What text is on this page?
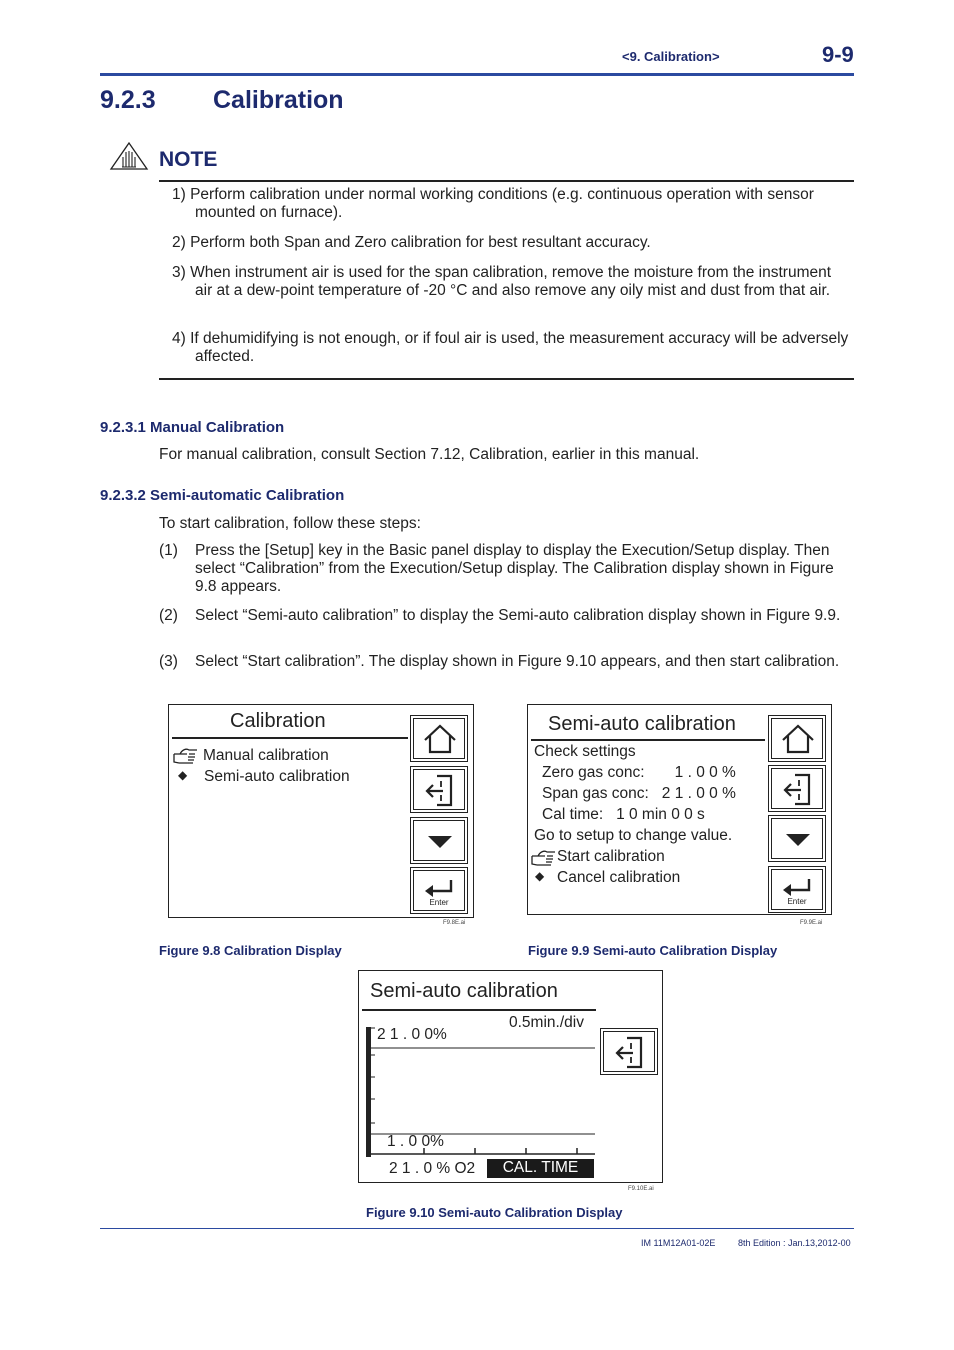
<9. Calibration>	9-9
9.2.3 Calibration
NOTE
1) Perform calibration under normal working conditions (e.g. continuous operation with sensor mounted on furnace).
2) Perform both Span and Zero calibration for best resultant accuracy.
3) When instrument air is used for the span calibration, remove the moisture from the instrument air at a dew-point temperature of -20 °C and also remove any oily mist and dust from that air.
4) If dehumidifying is not enough, or if foul air is used, the measurement accuracy will be adversely affected.
9.2.3.1 Manual Calibration
For manual calibration, consult Section 7.12, Calibration, earlier in this manual.
9.2.3.2 Semi-automatic Calibration
To start calibration, follow these steps:
(1) Press the [Setup] key in the Basic panel display to display the Execution/Setup display. Then select “Calibration” from the Execution/Setup display. The Calibration display shown in Figure 9.8 appears.
(2) Select “Semi-auto calibration” to display the Semi-auto calibration display shown in Figure 9.9.
(3) Select “Start calibration”. The display shown in Figure 9.10 appears, and then start calibration.
Calibration
Manual calibration
◆ Semi-auto calibration
Enter
F9.8E.ai
Figure 9.8 Calibration Display
Semi-auto calibration
Check settings
Zero gas conc:       1 . 0 0 %
Span gas conc:   2 1 . 0 0 %
Cal time:   1 0 min 0 0 s
Go to setup to change value.
Start calibration
◆ Cancel calibration
Enter
F9.9E.ai
Figure 9.9 Semi-auto Calibration Display
Semi-auto calibration
2 1 . 0 0%
0.5min./div
1 . 0 0%
2 1 . 0 % O2	CAL. TIME
F9.10E.ai
Figure 9.10 Semi-auto Calibration Display
IM 11M12A01-02E	8th Edition : Jan.13,2012-00
